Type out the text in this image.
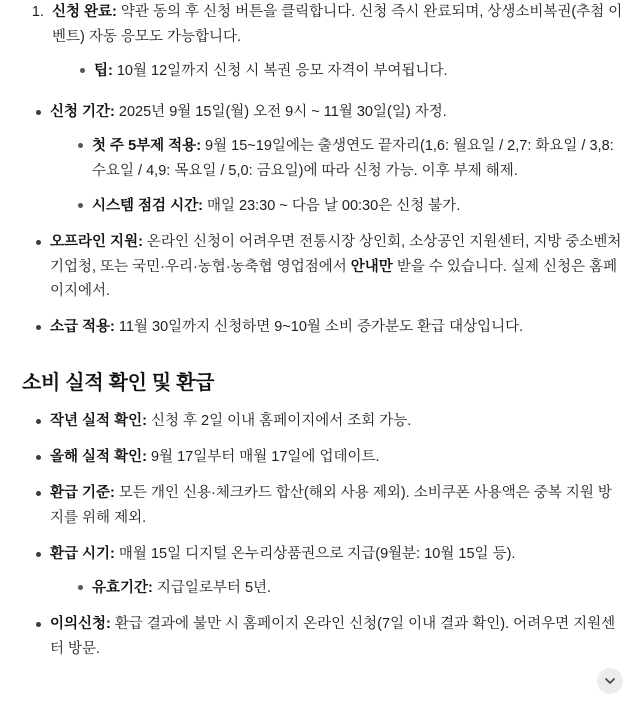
1. 신청 완료: 약관 동의 후 신청 버튼을 클릭합니다. 신청 즉시 완료되며, 상생소비복권(추첨 이벤트) 자동 응모도 가능합니다.
팁: 10월 12일까지 신청 시 복권 응모 자격이 부여됩니다.
신청 기간: 2025년 9월 15일(월) 오전 9시 ~ 11월 30일(일) 자정.
첫 주 5부제 적용: 9월 15~19일에는 출생연도 끝자리(1,6: 월요일 / 2,7: 화요일 / 3,8: 수요일 / 4,9: 목요일 / 5,0: 금요일)에 따라 신청 가능. 이후 부제 해제.
시스템 점검 시간: 매일 23:30 ~ 다음 날 00:30은 신청 불가.
오프라인 지원: 온라인 신청이 어려우면 전통시장 상인회, 소상공인 지원센터, 지방 중소벤처기업청, 또는 국민·우리·농협·농축협 영업점에서 안내만 받을 수 있습니다. 실제 신청은 홈페이지에서.
소급 적용: 11월 30일까지 신청하면 9~10월 소비 증가분도 환급 대상입니다.
소비 실적 확인 및 환급
작년 실적 확인: 신청 후 2일 이내 홈페이지에서 조회 가능.
올해 실적 확인: 9월 17일부터 매월 17일에 업데이트.
환급 기준: 모든 개인 신용·체크카드 합산(해외 사용 제외). 소비쿠폰 사용액은 중복 지원 방지를 위해 제외.
환급 시기: 매월 15일 디지털 온누리상품권으로 지급(9월분: 10월 15일 등).
유효기간: 지급일로부터 5년.
이의신청: 환급 결과에 불만 시 홈페이지 온라인 신청(7일 이내 결과 확인). 어려우면 지원센터 방문.
